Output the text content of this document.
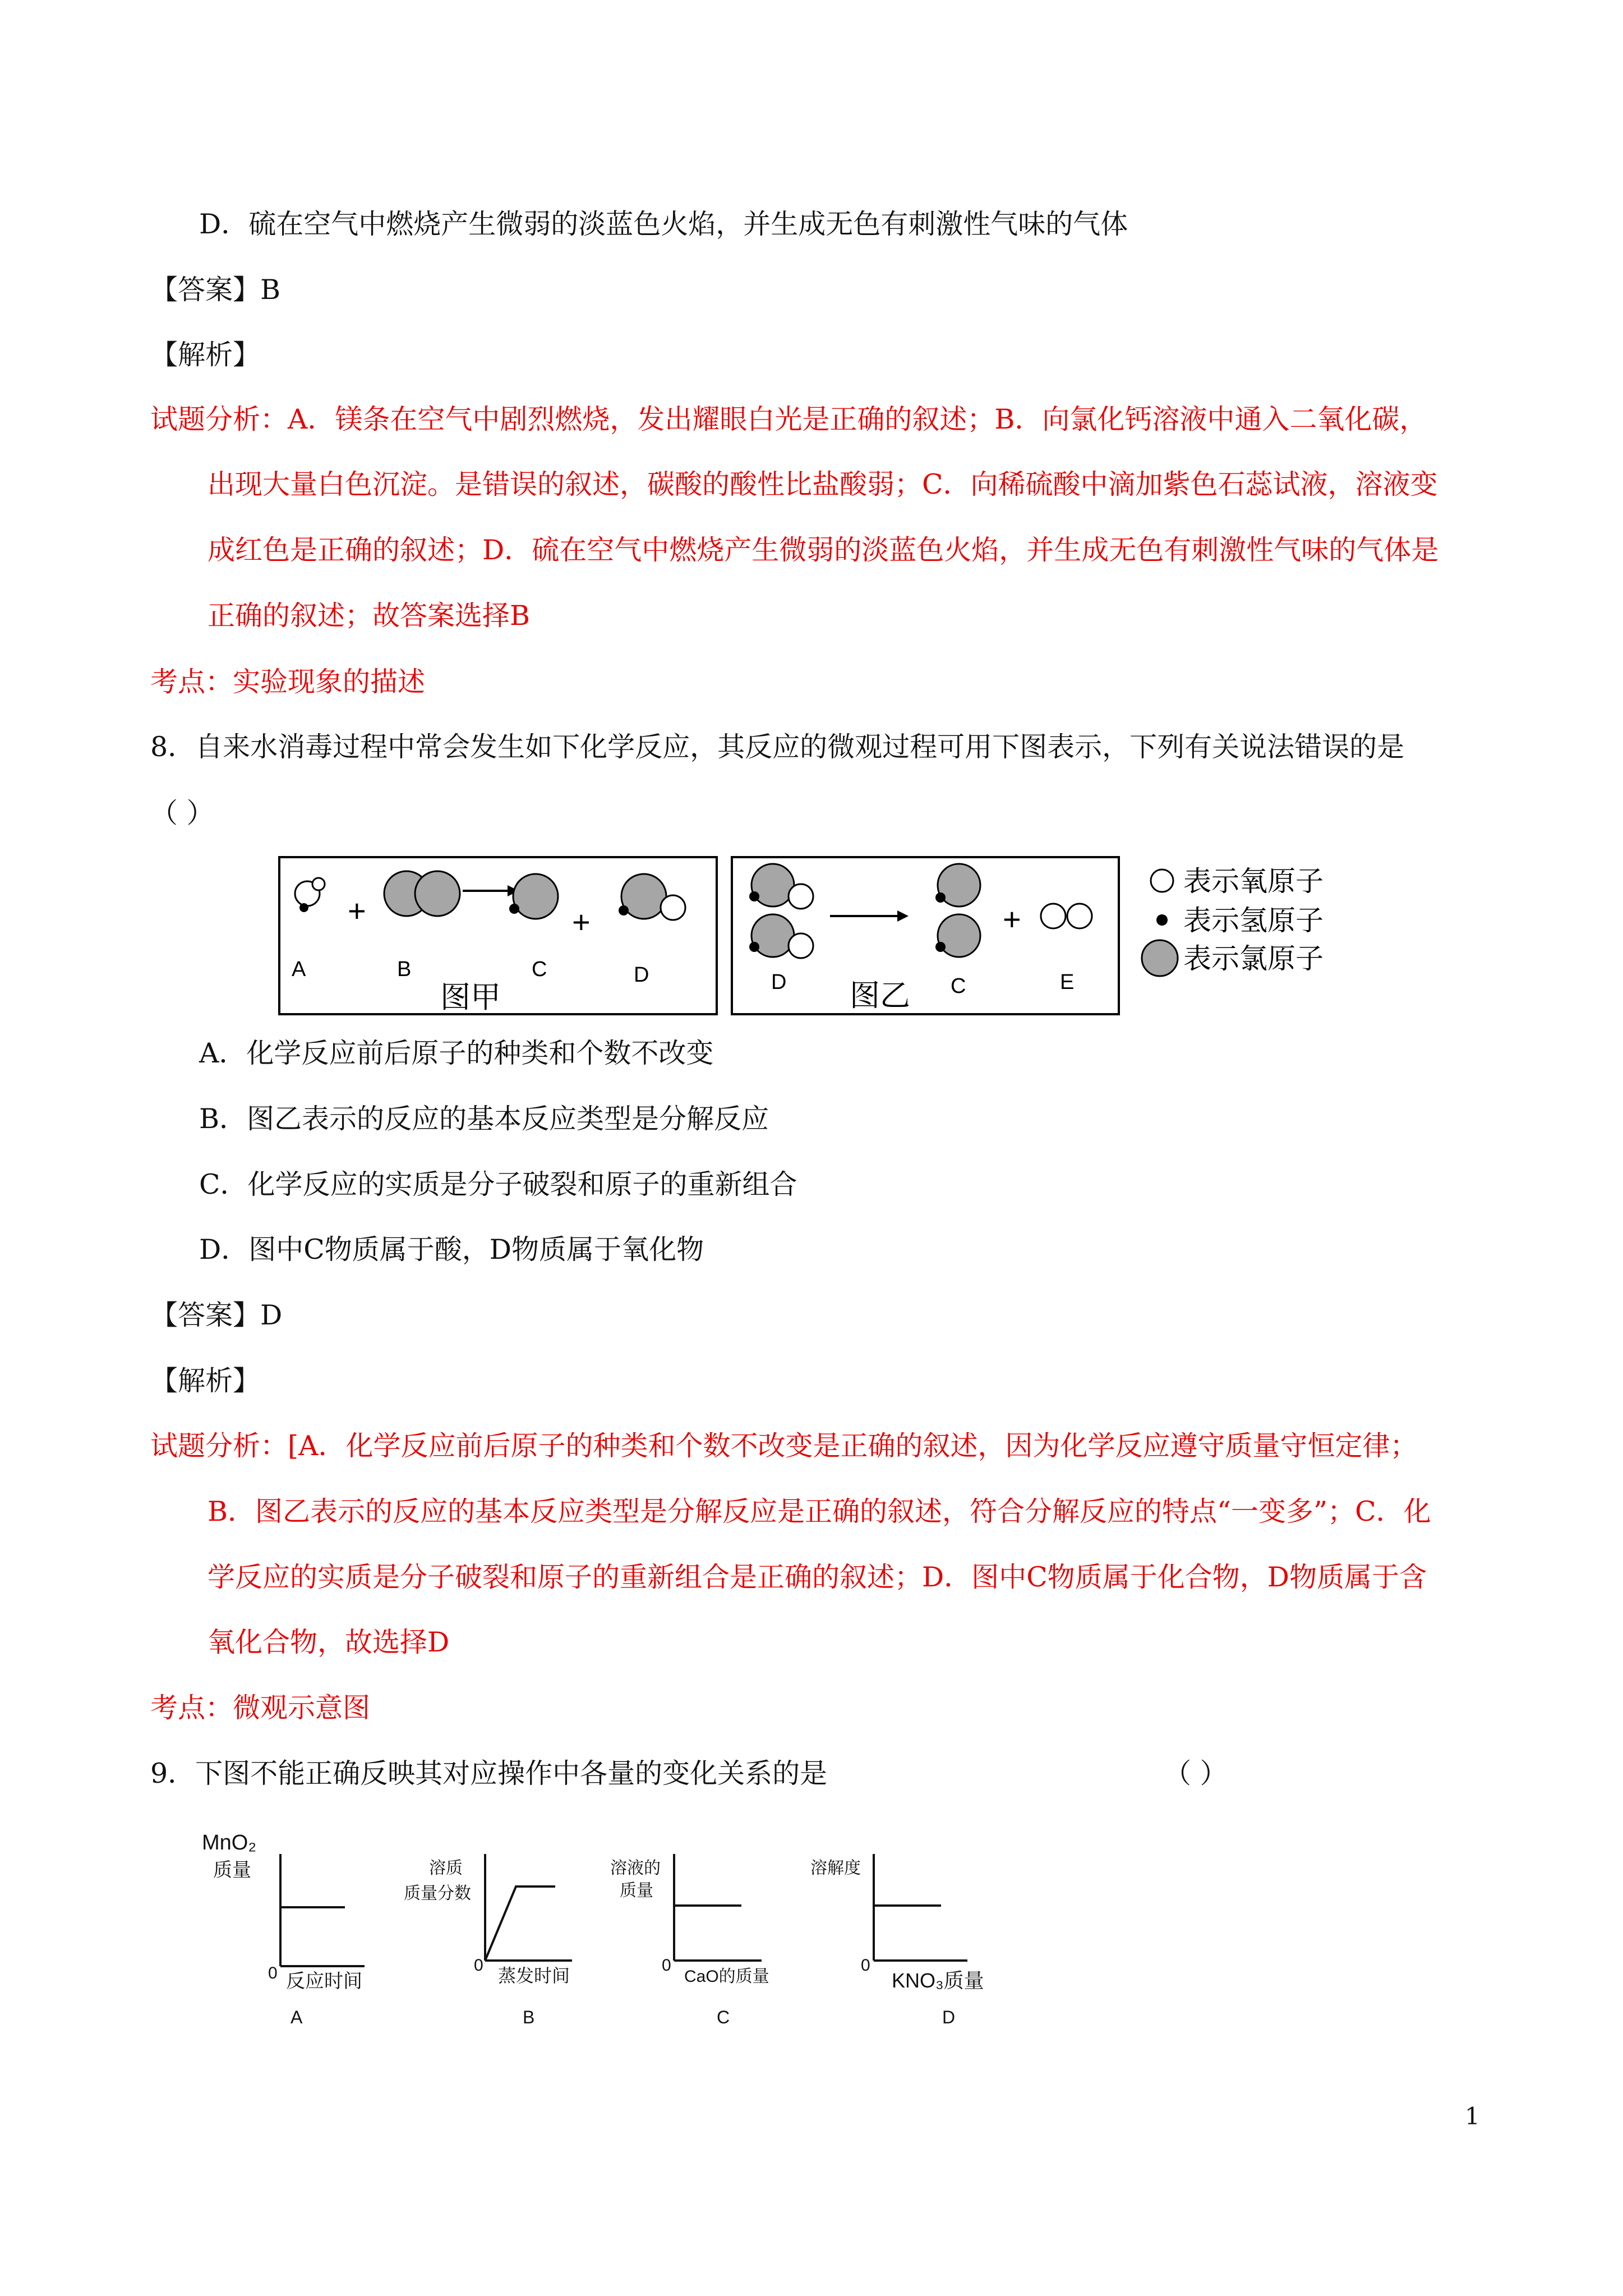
D．硫在空气中燃烧产生微弱的淡蓝色火焰，并生成无色有刺激性气味的气体
【答案】B
【解析】
试题分析：A．镁条在空气中剧烈燃烧，发出耀眼白光是正确的叙述；B．向氯化钙溶液中通入二氧化碳，
出现大量白色沉淀。是错误的叙述，碳酸的酸性比盐酸弱；C．向稀硫酸中滴加紫色石蕊试液，溶液变
成红色是正确的叙述；D．硫在空气中燃烧产生微弱的淡蓝色火焰，并生成无色有刺激性气味的气体是
正确的叙述；故答案选择B
考点：实验现象的描述
8．自来水消毒过程中常会发生如下化学反应，其反应的微观过程可用下图表示，下列有关说法错误的是
（ ）
+	+
A	B	C	D
图甲
+
D	C	E
图乙
表示氧原子
表示氢原子
表示氯原子
A．化学反应前后原子的种类和个数不改变
B．图乙表示的反应的基本反应类型是分解反应
C．化学反应的实质是分子破裂和原子的重新组合
D．图中C物质属于酸，D物质属于氧化物
【答案】D
【解析】
试题分析：[A．化学反应前后原子的种类和个数不改变是正确的叙述，因为化学反应遵守质量守恒定律；
B．图乙表示的反应的基本反应类型是分解反应是正确的叙述，符合分解反应的特点“一变多”；C．化
学反应的实质是分子破裂和原子的重新组合是正确的叙述；D．图中C物质属于化合物，D物质属于含
氧化合物，故选择D
考点：微观示意图
9．下图不能正确反映其对应操作中各量的变化关系的是	（ ）
MnO₂
质量
0 反应时间
A
溶质
质量分数
0
蒸发时间
B
溶液的
质量
0
CaO的质量
C
溶解度
0
KNO₃质量
D
1
